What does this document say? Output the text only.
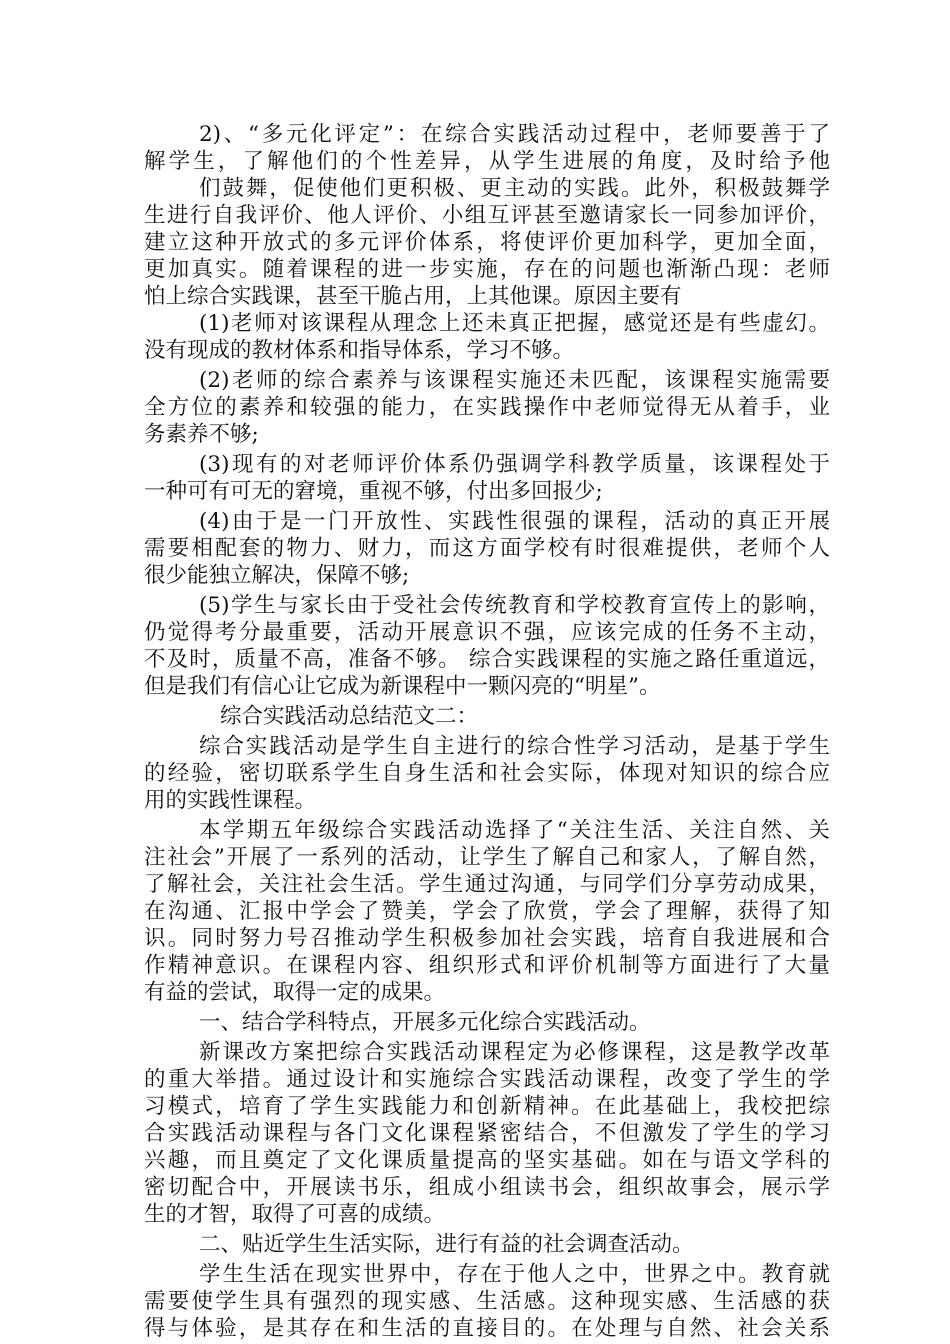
2)、“多元化评定”：在综合实践活动过程中，老师要善于了
解学生，了解他们的个性差异，从学生进展的角度，及时给予他
们鼓舞，促使他们更积极、更主动的实践。此外，积极鼓舞学
生进行自我评价、他人评价、小组互评甚至邀请家长一同参加评价，
建立这种开放式的多元评价体系，将使评价更加科学，更加全面，
更加真实。随着课程的进一步实施，存在的问题也渐渐凸现：老师
怕上综合实践课，甚至干脆占用，上其他课。原因主要有
(1)老师对该课程从理念上还未真正把握，感觉还是有些虚幻。
没有现成的教材体系和指导体系，学习不够。
(2)老师的综合素养与该课程实施还未匹配，该课程实施需要
全方位的素养和较强的能力，在实践操作中老师觉得无从着手，业
务素养不够;
(3)现有的对老师评价体系仍强调学科教学质量，该课程处于
一种可有可无的窘境，重视不够，付出多回报少;
(4)由于是一门开放性、实践性很强的课程，活动的真正开展
需要相配套的物力、财力，而这方面学校有时很难提供，老师个人
很少能独立解决，保障不够;
(5)学生与家长由于受社会传统教育和学校教育宣传上的影响，
仍觉得考分最重要，活动开展意识不强，应该完成的任务不主动，
不及时，质量不高，准备不够。 综合实践课程的实施之路任重道远，
但是我们有信心让它成为新课程中一颗闪亮的“明星”。
综合实践活动总结范文二：
综合实践活动是学生自主进行的综合性学习活动，是基于学生
的经验，密切联系学生自身生活和社会实际，体现对知识的综合应
用的实践性课程。
本学期五年级综合实践活动选择了“关注生活、关注自然、关
注社会”开展了一系列的活动，让学生了解自己和家人，了解自然，
了解社会，关注社会生活。学生通过沟通，与同学们分享劳动成果，
在沟通、汇报中学会了赞美，学会了欣赏，学会了理解，获得了知
识。同时努力号召推动学生积极参加社会实践，培育自我进展和合
作精神意识。在课程内容、组织形式和评价机制等方面进行了大量
有益的尝试，取得一定的成果。
一、结合学科特点，开展多元化综合实践活动。
新课改方案把综合实践活动课程定为必修课程，这是教学改革
的重大举措。通过设计和实施综合实践活动课程，改变了学生的学
习模式，培育了学生实践能力和创新精神。在此基础上，我校把综
合实践活动课程与各门文化课程紧密结合，不但激发了学生的学习
兴趣，而且奠定了文化课质量提高的坚实基础。如在与语文学科的
密切配合中，开展读书乐，组成小组读书会，组织故事会，展示学
生的才智，取得了可喜的成绩。
二、贴近学生生活实际，进行有益的社会调查活动。
学生生活在现实世界中，存在于他人之中，世界之中。教育就
需要使学生具有强烈的现实感、生活感。这种现实感、生活感的获
得与体验，是其存在和生活的直接目的。在处理与自然、社会关系
